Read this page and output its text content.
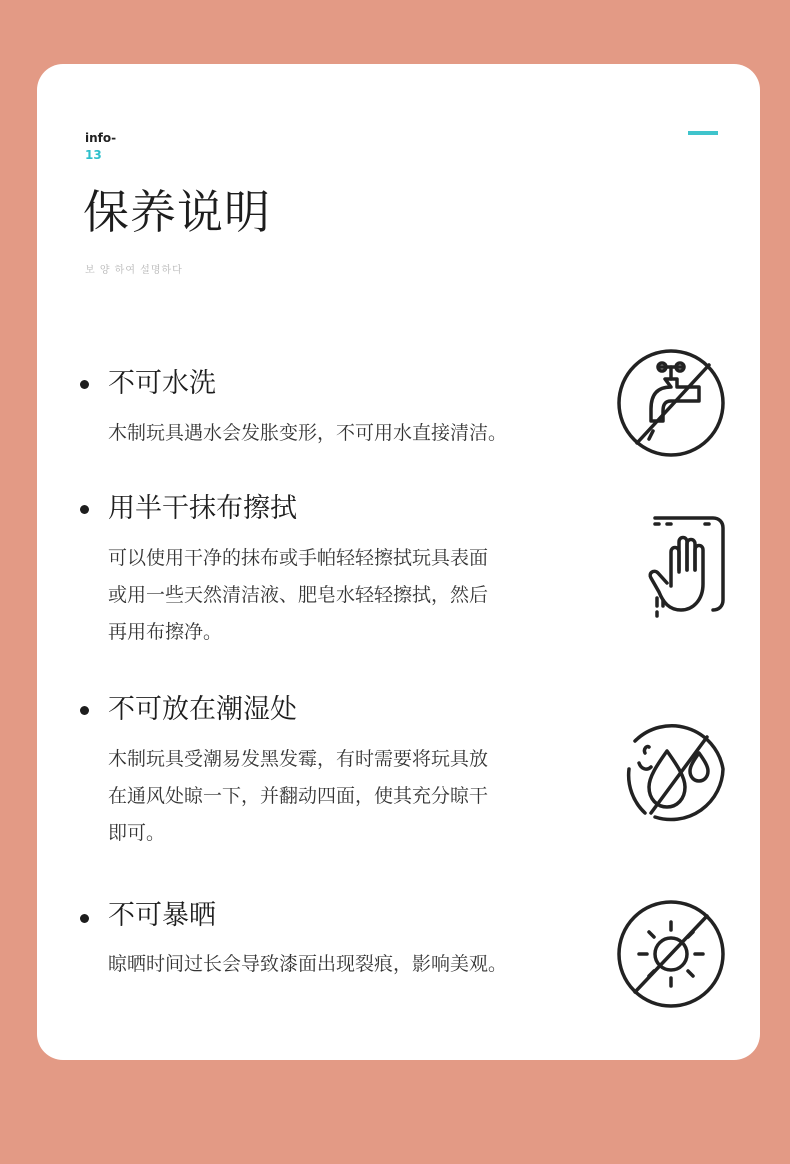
info-
13
保养说明
보 양 하여 설명하다
不可水洗
木制玩具遇水会发胀变形，不可用水直接清洁。
用半干抹布擦拭
可以使用干净的抹布或手帕轻轻擦拭玩具表面
或用一些天然清洁液、肥皂水轻轻擦拭，然后
再用布擦净。
不可放在潮湿处
木制玩具受潮易发黑发霉，有时需要将玩具放
在通风处晾一下，并翻动四面，使其充分晾干
即可。
不可暴晒
晾晒时间过长会导致漆面出现裂痕，影响美观。
